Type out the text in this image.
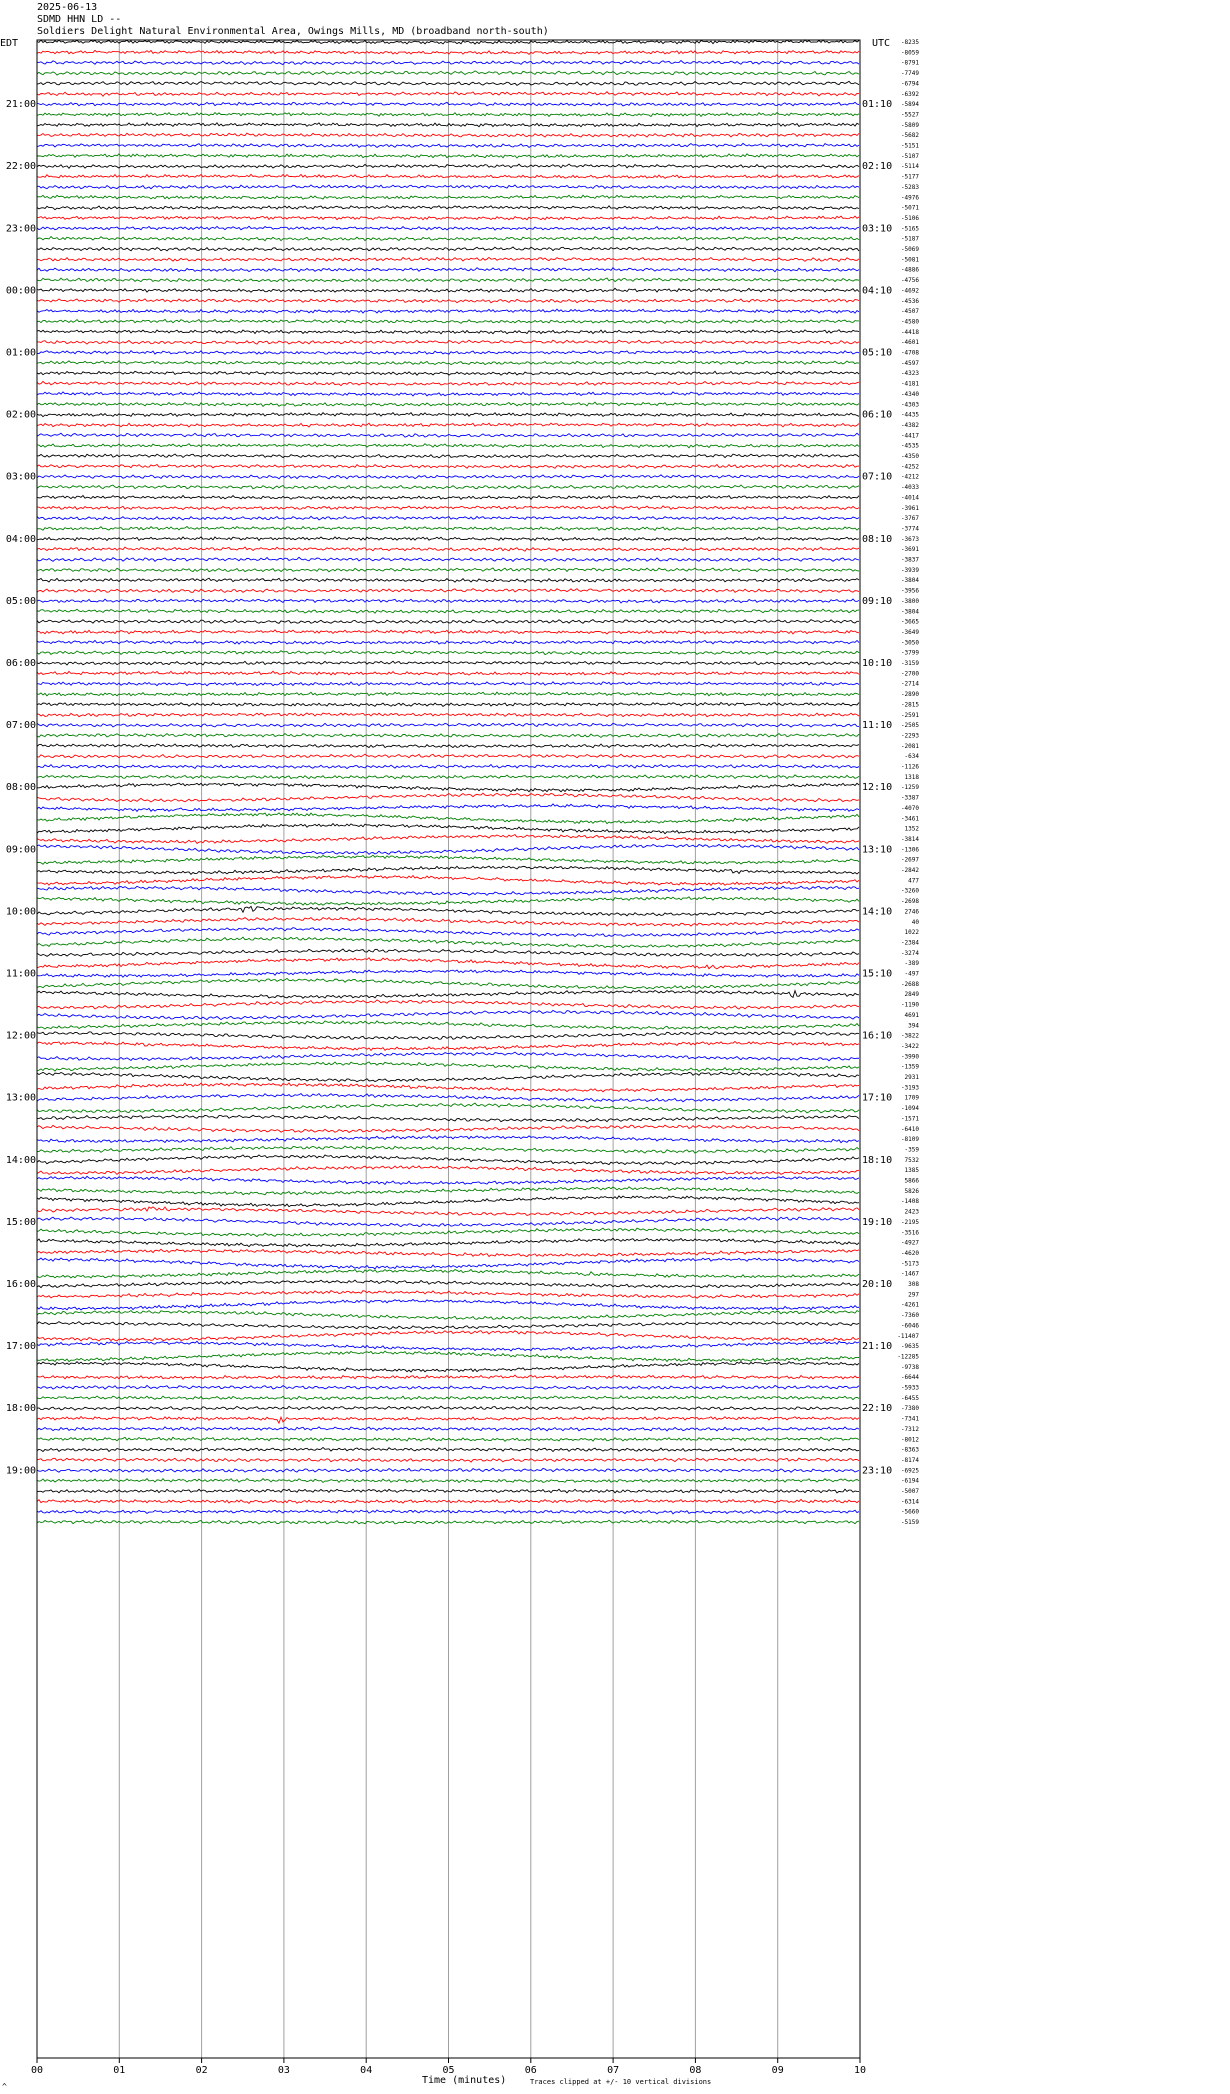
2025-06-13
SDMD HHN LD --
Soldiers Delight Natural Environmental Area, Owings Mills, MD (broadband north-south)
EDT	UTC
00	01	02	03	04	05	06	07	08	09	10
-8235
-8059
-8791
-7749
-6794
-6392
-5894
-5527
-5809
-5682
-5151
-5107
-5114
-5177
-5283
-4976
-5071
-5106
-5165
-5187
-5069
-5081
-4886
-4756
-4692
-4536
-4507
-4580
-4418
-4601
-4708
-4597
-4323
-4181
-4340
-4303
-4435
-4382
-4417
-4535
-4350
-4252
-4212
-4033
-4014
-3961
-3767
-3774
-3673
-3691
-3837
-3939
-3804
-3956
-3800
-3804
-3665
-3649
-3050
-3799
-3159
-2700
-2714
-2890
-2815
-2591
-2505
-2293
-2081
-634
-1126
1318
-1259
-3387
-4070
-3461
1352
-3814
-1306
-2697
-2842
477
-3260
-2698
2746
40
1022
-2384
-3274
-389
-497
-2688
2849
-1190
4691
394
-3822
-3422
-3990
-1359
2931
-3193
1709
-1094
-1571
-6410
-8109
-359
7532
1385
5866
5826
-1408
2423
-2195
-3516
-4927
-4620
-5173
-1467
308
297
-4261
-7360
-6046
-11407
-9635
-12285
-9738
-6644
-5933
-6455
-7380
-7341
-7312
-8012
-8363
-8174
-6925
-6194
-5007
-6314
-5660
-5159
21:00	01:10
22:00	02:10
23:00	03:10
00:00	04:10
01:00	05:10
02:00	06:10
03:00	07:10
04:00	08:10
05:00	09:10
06:00	10:10
07:00	11:10
08:00	12:10
09:00	13:10
10:00	14:10
11:00	15:10
12:00	16:10
13:00	17:10
14:00	18:10
15:00	19:10
16:00	20:10
17:00	21:10
18:00	22:10
19:00	23:10
Time (minutes)	Traces clipped at +/- 10 vertical divisions
^
